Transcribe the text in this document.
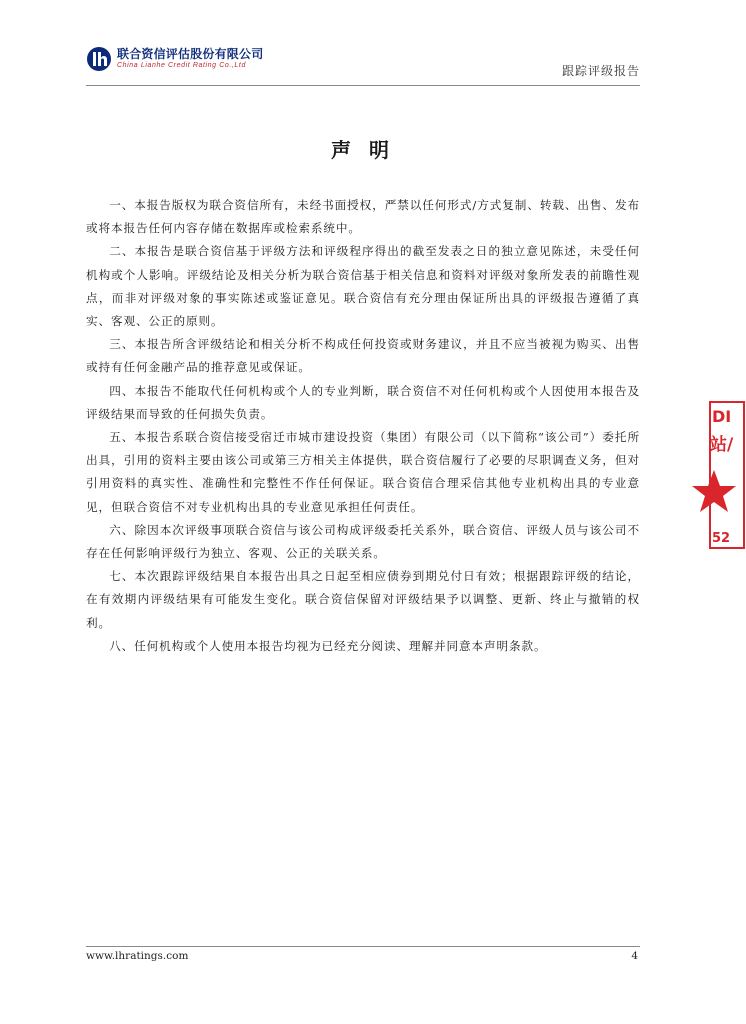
联合资信评估股份有限公司
China Lianhe Credit Rating Co.,Ltd	跟踪评级报告
声明

一、本报告版权为联合资信所有，未经书面授权，严禁以任何形式/方式复制、转载、出售、发布或将本报告任何内容存储在数据库或检索系统中。

二、本报告是联合资信基于评级方法和评级程序得出的截至发表之日的独立意见陈述，未受任何机构或个人影响。评级结论及相关分析为联合资信基于相关信息和资料对评级对象所发表的前瞻性观点，而非对评级对象的事实陈述或鉴证意见。联合资信有充分理由保证所出具的评级报告遵循了真实、客观、公正的原则。

三、本报告所含评级结论和相关分析不构成任何投资或财务建议，并且不应当被视为购买、出售或持有任何金融产品的推荐意见或保证。

四、本报告不能取代任何机构或个人的专业判断，联合资信不对任何机构或个人因使用本报告及评级结果而导致的任何损失负责。

五、本报告系联合资信接受宿迁市城市建设投资（集团）有限公司（以下简称“该公司”）委托所出具，引用的资料主要由该公司或第三方相关主体提供，联合资信履行了必要的尽职调查义务，但对引用资料的真实性、准确性和完整性不作任何保证。联合资信合理采信其他专业机构出具的专业意见，但联合资信不对专业机构出具的专业意见承担任何责任。

六、除因本次评级事项联合资信与该公司构成评级委托关系外，联合资信、评级人员与该公司不存在任何影响评级行为独立、客观、公正的关联关系。

七、本次跟踪评级结果自本报告出具之日起至相应债券到期兑付日有效；根据跟踪评级的结论，在有效期内评级结果有可能发生变化。联合资信保留对评级结果予以调整、更新、终止与撤销的权利。

八、任何机构或个人使用本报告均视为已经充分阅读、理解并同意本声明条款。

DI
站/
52
www.lhratings.com	4
